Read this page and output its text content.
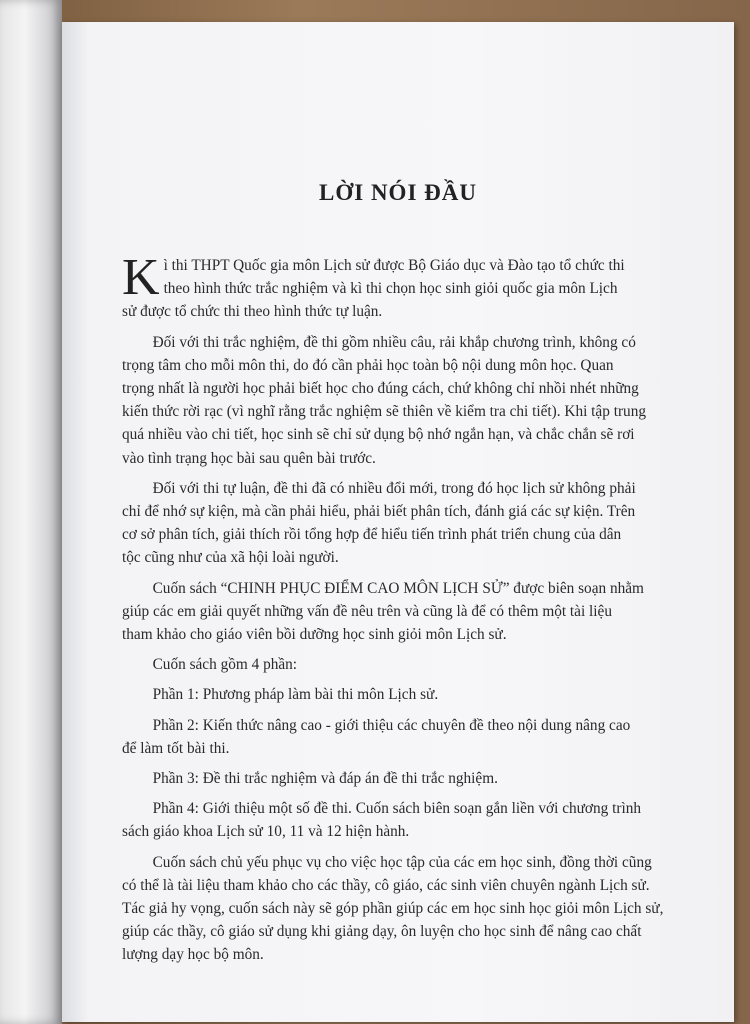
LỜI NÓI ĐẦU
K ì thi THPT Quốc gia môn Lịch sử được Bộ Giáo dục và Đào tạo tổ chức thi
theo hình thức trắc nghiệm và kì thi chọn học sinh giỏi quốc gia môn Lịch
sử được tổ chức thi theo hình thức tự luận.
Đối với thi trắc nghiệm, đề thi gồm nhiều câu, rải khắp chương trình, không có
trọng tâm cho mỗi môn thi, do đó cần phải học toàn bộ nội dung môn học. Quan
trọng nhất là người học phải biết học cho đúng cách, chứ không chỉ nhồi nhét những
kiến thức rời rạc (vì nghĩ rằng trắc nghiệm sẽ thiên về kiểm tra chi tiết). Khi tập trung
quá nhiều vào chi tiết, học sinh sẽ chỉ sử dụng bộ nhớ ngắn hạn, và chắc chắn sẽ rơi
vào tình trạng học bài sau quên bài trước.
Đối với thi tự luận, đề thi đã có nhiều đổi mới, trong đó học lịch sử không phải
chỉ để nhớ sự kiện, mà cần phải hiểu, phải biết phân tích, đánh giá các sự kiện. Trên
cơ sở phân tích, giải thích rồi tổng hợp để hiểu tiến trình phát triển chung của dân
tộc cũng như của xã hội loài người.
Cuốn sách “CHINH PHỤC ĐIỂM CAO MÔN LỊCH SỬ” được biên soạn nhằm
giúp các em giải quyết những vấn đề nêu trên và cũng là để có thêm một tài liệu
tham khảo cho giáo viên bồi dưỡng học sinh giỏi môn Lịch sử.
Cuốn sách gồm 4 phần:
Phần 1: Phương pháp làm bài thi môn Lịch sử.
Phần 2: Kiến thức nâng cao - giới thiệu các chuyên đề theo nội dung nâng cao
để làm tốt bài thi.
Phần 3: Đề thi trắc nghiệm và đáp án đề thi trắc nghiệm.
Phần 4: Giới thiệu một số đề thi. Cuốn sách biên soạn gắn liền với chương trình
sách giáo khoa Lịch sử 10, 11 và 12 hiện hành.
Cuốn sách chủ yếu phục vụ cho việc học tập của các em học sinh, đồng thời cũng
có thể là tài liệu tham khảo cho các thầy, cô giáo, các sinh viên chuyên ngành Lịch sử.
Tác giả hy vọng, cuốn sách này sẽ góp phần giúp các em học sinh học giỏi môn Lịch sử,
giúp các thầy, cô giáo sử dụng khi giảng dạy, ôn luyện cho học sinh để nâng cao chất
lượng dạy học bộ môn.
